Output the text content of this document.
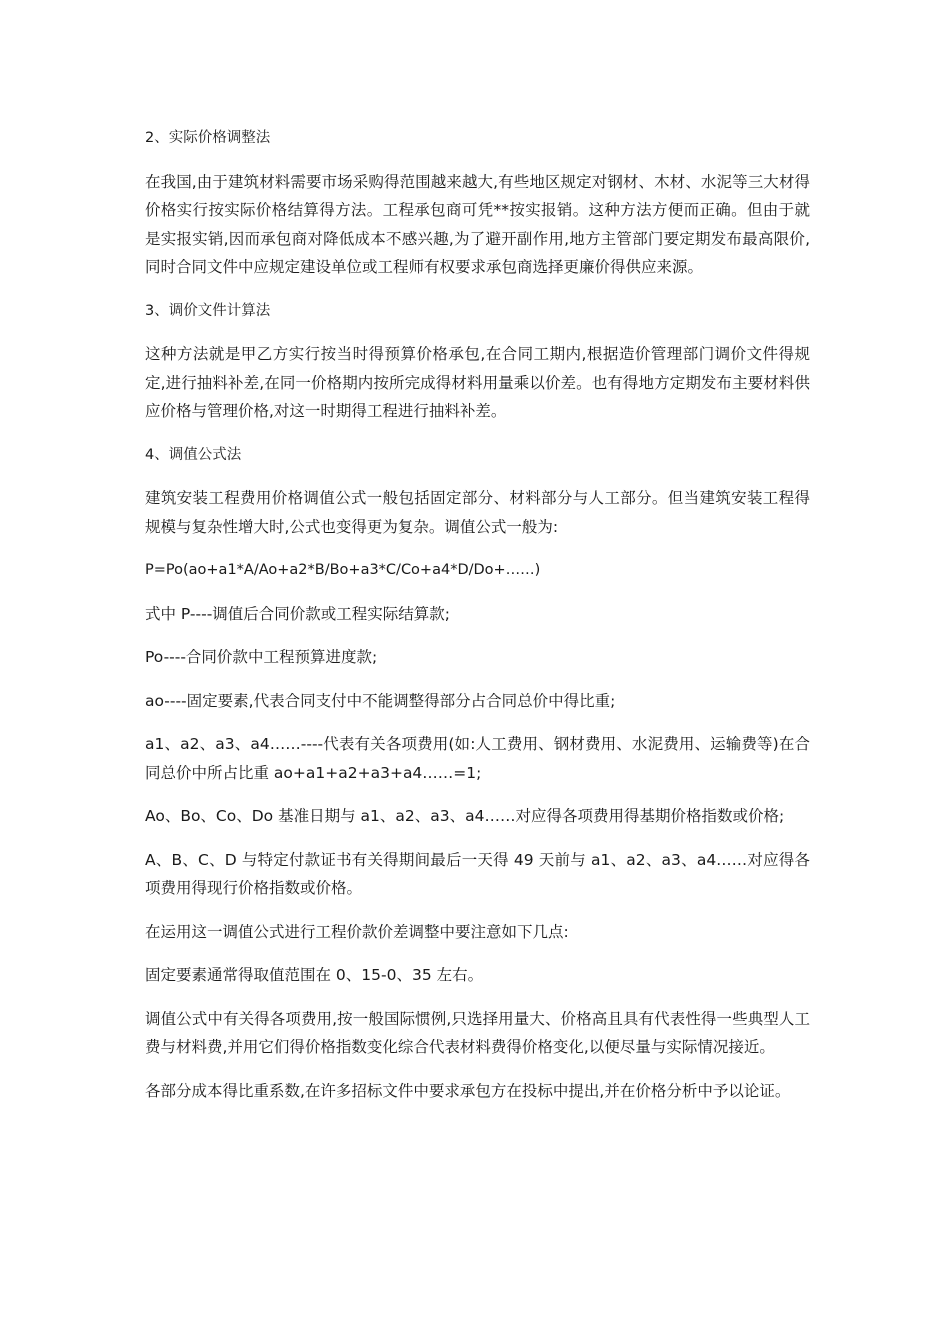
2、实际价格调整法

在我国,由于建筑材料需要市场采购得范围越来越大,有些地区规定对钢材、木材、水泥等三大材得价格实行按实际价格结算得方法。工程承包商可凭**按实报销。这种方法方便而正确。但由于就是实报实销,因而承包商对降低成本不感兴趣,为了避开副作用,地方主管部门要定期发布最高限价,同时合同文件中应规定建设单位或工程师有权要求承包商选择更廉价得供应来源。

3、调价文件计算法

这种方法就是甲乙方实行按当时得预算价格承包,在合同工期内,根据造价管理部门调价文件得规定,进行抽料补差,在同一价格期内按所完成得材料用量乘以价差。也有得地方定期发布主要材料供应价格与管理价格,对这一时期得工程进行抽料补差。

4、调值公式法

建筑安装工程费用价格调值公式一般包括固定部分、材料部分与人工部分。但当建筑安装工程得规模与复杂性增大时,公式也变得更为复杂。调值公式一般为:

P=Po(ao+a1*A/Ao+a2*B/Bo+a3*C/Co+a4*D/Do+……)

式中 P----调值后合同价款或工程实际结算款;

Po----合同价款中工程预算进度款;

ao----固定要素,代表合同支付中不能调整得部分占合同总价中得比重;

a1、a2、a3、a4……----代表有关各项费用(如:人工费用、钢材费用、水泥费用、运输费等)在合同总价中所占比重 ao+a1+a2+a3+a4……=1;

Ao、Bo、Co、Do 基准日期与 a1、a2、a3、a4……对应得各项费用得基期价格指数或价格;

A、B、C、D 与特定付款证书有关得期间最后一天得 49 天前与 a1、a2、a3、a4……对应得各项费用得现行价格指数或价格。

在运用这一调值公式进行工程价款价差调整中要注意如下几点:

固定要素通常得取值范围在 0、15-0、35 左右。

调值公式中有关得各项费用,按一般国际惯例,只选择用量大、价格高且具有代表性得一些典型人工费与材料费,并用它们得价格指数变化综合代表材料费得价格变化,以便尽量与实际情况接近。

各部分成本得比重系数,在许多招标文件中要求承包方在投标中提出,并在价格分析中予以论证。
